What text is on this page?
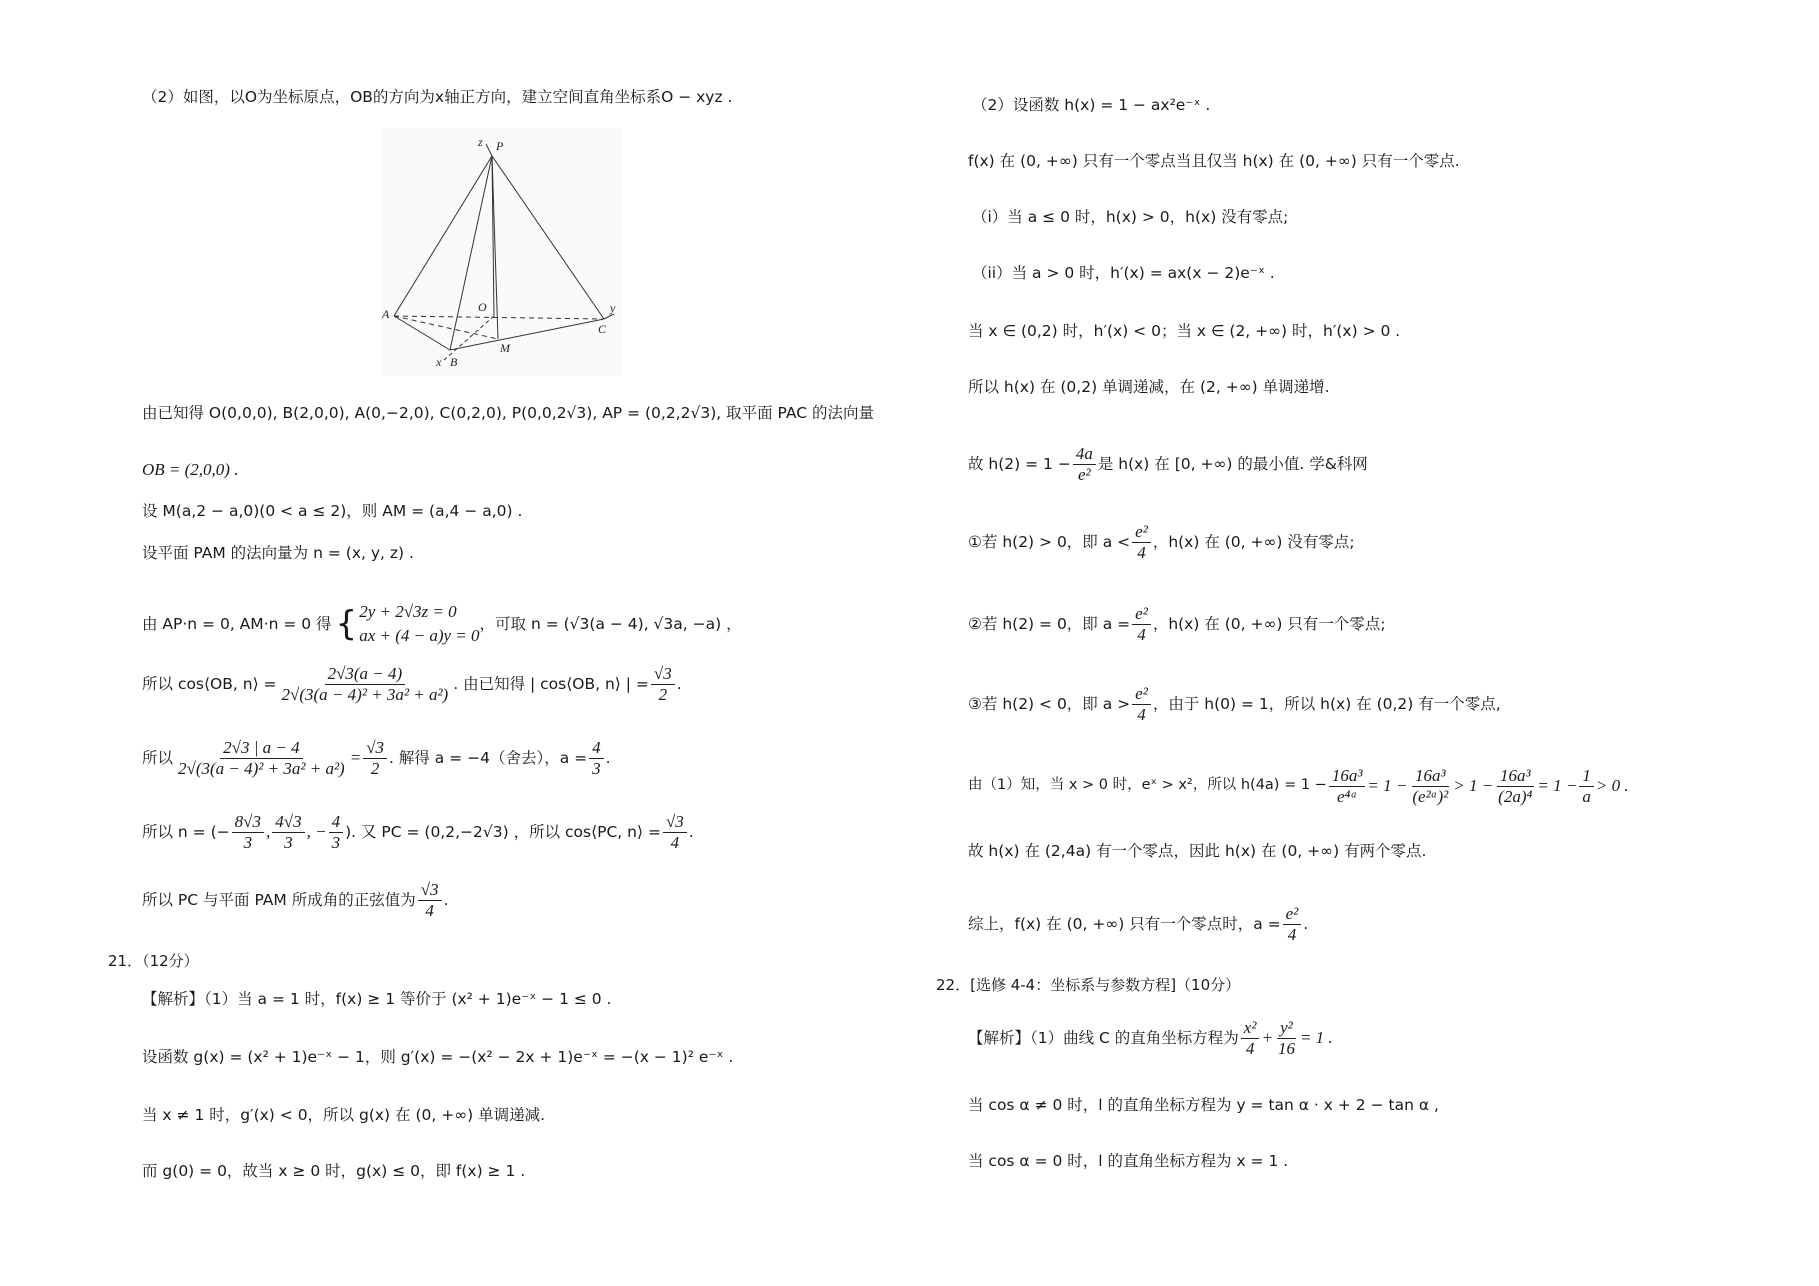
（2）如图，以O为坐标原点，OB的方向为x轴正方向，建立空间直角坐标系O − xyz .
P
z
A	O
C
y
B
x
M
由已知得 O(0,0,0), B(2,0,0), A(0,−2,0), C(0,2,0), P(0,0,2√3), AP = (0,2,2√3), 取平面 PAC 的法向量
OB = (2,0,0) .
设 M(a,2 − a,0)(0 < a ≤ 2)，则 AM = (a,4 − a,0) .
设平面 PAM 的法向量为 n = (x, y, z) .
由 AP·n = 0, AM·n = 0 得 { 2y + 2√3z = 0
ax + (4 − a)y = 0
，可取 n = (√3(a − 4), √3a, −a) ，
所以 cos⟨OB, n⟩ = $\frac{2√3(a - 4)}{\text{2√(3(a − 4)² + 3a² + a²)}}$ . 由已知得 | cos⟨OB, n⟩ | = $\frac{√3}{2}$ .
所以 $\frac{2√3 | a - 4}{\text{2√(3(a − 4)² + 3a² + a²)}} = \frac{√3}{2}$ . 解得 a = −4（舍去），$a = \frac{4}{3}$ .
所以 n = (− $\frac{8√3}{3}$ , $\frac{4√3}{3}$ , − $\frac{4}{3}$ ). 又 PC = (0,2,−2√3) ，所以 cos⟨PC, n⟩ = $\frac{√3}{4}$ .
所以 PC 与平面 PAM 所成角的正弦值为 $\frac{√3}{4}$ .
21．（12分）
【解析】（1）当 a = 1 时，f(x) ≥ 1 等价于 (x² + 1)e⁻ˣ − 1 ≤ 0 .
设函数 g(x) = (x² + 1)e⁻ˣ − 1，则 g′(x) = −(x² − 2x + 1)e⁻ˣ = −(x − 1)² e⁻ˣ .
当 x ≠ 1 时，g′(x) < 0，所以 g(x) 在 (0, +∞) 单调递减.
而 g(0) = 0，故当 x ≥ 0 时，g(x) ≤ 0，即 f(x) ≥ 1 .
（2）设函数 h(x) = 1 − ax²e⁻ˣ .
f(x) 在 (0, +∞) 只有一个零点当且仅当 h(x) 在 (0, +∞) 只有一个零点.
（i）当 a ≤ 0 时，h(x) > 0，h(x) 没有零点;
（ii）当 a > 0 时，h′(x) = ax(x − 2)e⁻ˣ .
当 x ∈ (0,2) 时，h′(x) < 0；当 x ∈ (2, +∞) 时，h′(x) > 0 .
所以 h(x) 在 (0,2) 单调递减，在 (2, +∞) 单调递增.
故 $h(2) = 1 - \frac{4a}{\text{e²}}$ 是 h(x) 在 [0, +∞) 的最小值. 学&科网
①若 h(2) > 0，即 $a < \frac{\text{e²}}{4}$ ，h(x) 在 (0, +∞) 没有零点;
②若 h(2) = 0，即 $a = \frac{\text{e²}}{4}$ ，h(x) 在 (0, +∞) 只有一个零点;
③若 h(2) < 0，即 $a > \frac{\text{e²}}{4}$ ，由于 h(0) = 1，所以 h(x) 在 (0,2) 有一个零点,
由（1）知，当 x > 0 时，eˣ > x²，所以 $h(4a) = 1 - \frac{\text{16a³}}{\text{e⁴ᵃ}} = 1 - \frac{\text{16a³}}{\text{(e²ᵃ)²}} > 1 - \frac{\text{16a³}}{\text{(2a)⁴}} = 1 - \frac{1}{a} > 0$ .
故 h(x) 在 (2,4a) 有一个零点，因此 h(x) 在 (0, +∞) 有两个零点.
综上，f(x) 在 (0, +∞) 只有一个零点时，$a = \frac{\text{e²}}{4}$ .
22．[选修 4-4：坐标系与参数方程]（10分）
【解析】（1）曲线 C 的直角坐标方程为 $\frac{\text{x²}}{4} + \frac{\text{y²}}{16} = 1$ .
当 cos α ≠ 0 时，l 的直角坐标方程为 y = tan α · x + 2 − tan α ,
当 cos α = 0 时，l 的直角坐标方程为 x = 1 .
